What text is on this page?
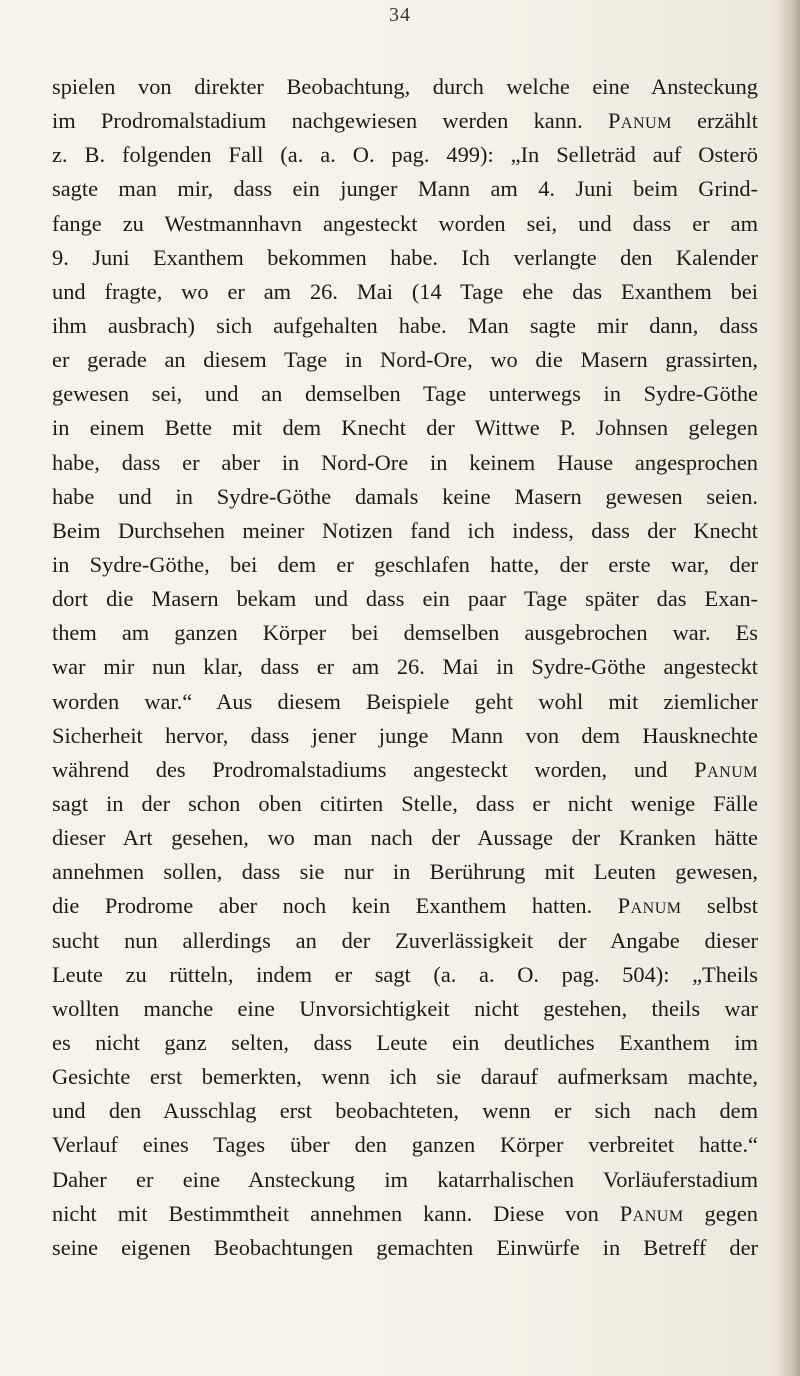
34
spielen von direkter Beobachtung, durch welche eine Ansteckung
im Prodromalstadium nachgewiesen werden kann. Panum erzählt
z. B. folgenden Fall (a. a. O. pag. 499): „In Selleträd auf Osterö
sagte man mir, dass ein junger Mann am 4. Juni beim Grind-
fange zu Westmannhavn angesteckt worden sei, und dass er am
9. Juni Exanthem bekommen habe. Ich verlangte den Kalender
und fragte, wo er am 26. Mai (14 Tage ehe das Exanthem bei
ihm ausbrach) sich aufgehalten habe. Man sagte mir dann, dass
er gerade an diesem Tage in Nord-Ore, wo die Masern grassirten,
gewesen sei, und an demselben Tage unterwegs in Sydre-Göthe
in einem Bette mit dem Knecht der Wittwe P. Johnsen gelegen
habe, dass er aber in Nord-Ore in keinem Hause angesprochen
habe und in Sydre-Göthe damals keine Masern gewesen seien.
Beim Durchsehen meiner Notizen fand ich indess, dass der Knecht
in Sydre-Göthe, bei dem er geschlafen hatte, der erste war, der
dort die Masern bekam und dass ein paar Tage später das Exan-
them am ganzen Körper bei demselben ausgebrochen war. Es
war mir nun klar, dass er am 26. Mai in Sydre-Göthe angesteckt
worden war.“ Aus diesem Beispiele geht wohl mit ziemlicher
Sicherheit hervor, dass jener junge Mann von dem Hausknechte
während des Prodromalstadiums angesteckt worden, und Panum
sagt in der schon oben citirten Stelle, dass er nicht wenige Fälle
dieser Art gesehen, wo man nach der Aussage der Kranken hätte
annehmen sollen, dass sie nur in Berührung mit Leuten gewesen,
die Prodrome aber noch kein Exanthem hatten. Panum selbst
sucht nun allerdings an der Zuverlässigkeit der Angabe dieser
Leute zu rütteln, indem er sagt (a. a. O. pag. 504): „Theils
wollten manche eine Unvorsichtigkeit nicht gestehen, theils war
es nicht ganz selten, dass Leute ein deutliches Exanthem im
Gesichte erst bemerkten, wenn ich sie darauf aufmerksam machte,
und den Ausschlag erst beobachteten, wenn er sich nach dem
Verlauf eines Tages über den ganzen Körper verbreitet hatte.“
Daher er eine Ansteckung im katarrhalischen Vorläuferstadium
nicht mit Bestimmtheit annehmen kann. Diese von Panum gegen
seine eigenen Beobachtungen gemachten Einwürfe in Betreff der
